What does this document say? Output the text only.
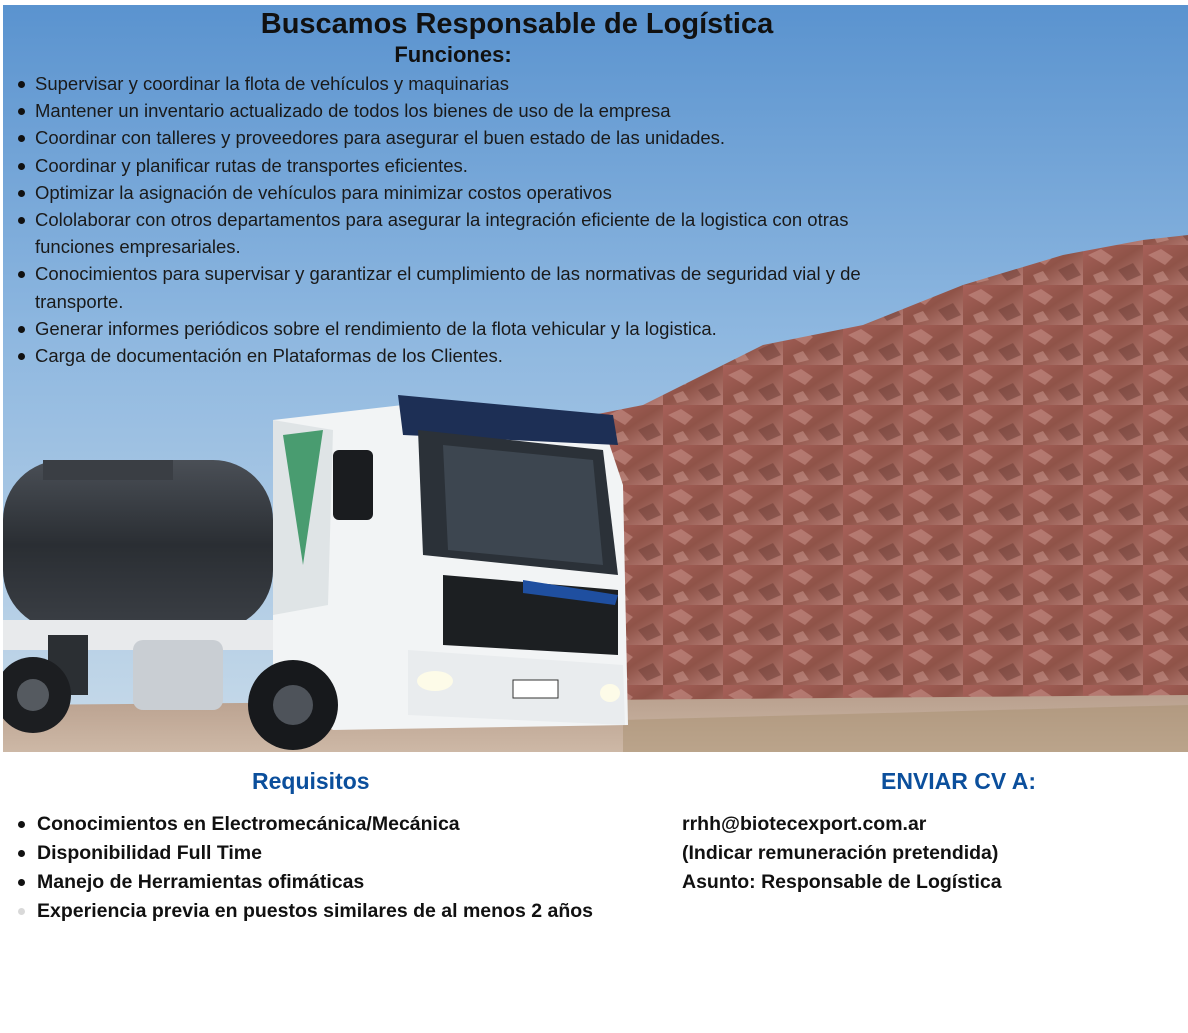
Buscamos Responsable de Logística
Funciones:
Supervisar y coordinar la flota de vehículos y maquinarias
Mantener un inventario actualizado de todos los bienes de uso de la empresa
Coordinar con talleres y proveedores para asegurar el buen estado de las unidades.
Coordinar y planificar rutas de transportes eficientes.
Optimizar la asignación de vehículos para minimizar costos operativos
Cololaborar con otros departamentos para asegurar la integración eficiente de la logistica con otras funciones empresariales.
Conocimientos para supervisar y garantizar el cumplimiento de las normativas de seguridad vial y de transporte.
Generar informes periódicos sobre el rendimiento de la flota vehicular y la logistica.
Carga de documentación en Plataformas de los Clientes.
Requisitos	ENVIAR CV A:
Conocimientos en Electromecánica/Mecánica
Disponibilidad Full Time
Manejo de Herramientas ofimáticas
Experiencia previa en puestos similares de al menos 2 años
rrhh@biotecexport.com.ar
(Indicar remuneración pretendida)
Asunto: Responsable de Logística
